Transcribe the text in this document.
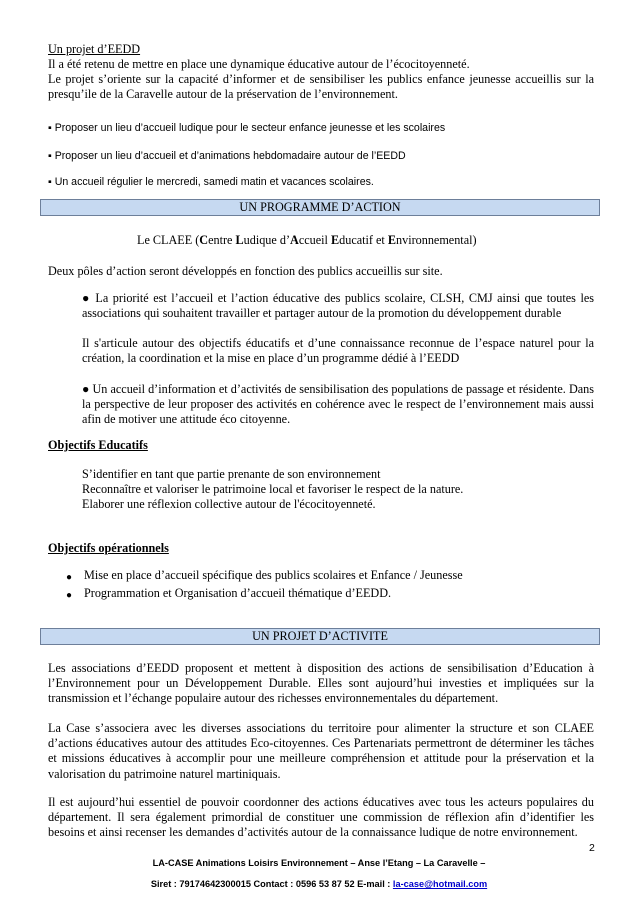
Un projet d’EEDD
Il a été retenu de mettre en place une dynamique éducative autour de l’écocitoyenneté.
Le projet s’oriente sur la capacité d’informer et de sensibiliser les publics enfance jeunesse accueillis sur la presqu’ile de la Caravelle autour de la préservation de l’environnement.
▪ Proposer un lieu d’accueil ludique pour le secteur enfance jeunesse et les scolaires
▪ Proposer un lieu d’accueil et d’animations hebdomadaire autour de l’EEDD
▪ Un accueil régulier le mercredi, samedi matin et vacances scolaires.
UN PROGRAMME D’ACTION
Le CLAEE (Centre Ludique d’Accueil Educatif et Environnemental)
Deux pôles d’action seront développés en fonction des publics accueillis sur site.
● La priorité est l’accueil et l’action éducative des publics scolaire, CLSH, CMJ ainsi que toutes les associations qui souhaitent travailler et partager autour de la promotion du développement durable
Il s'articule autour des objectifs éducatifs et d’une connaissance reconnue de l’espace naturel pour la création, la coordination et la mise en place d’un programme dédié à l’EEDD
● Un accueil d’information et d’activités de sensibilisation des populations de passage et résidente. Dans la perspective de leur proposer des activités en cohérence avec le respect de l’environnement mais aussi afin de motiver une attitude éco citoyenne.
Objectifs Educatifs
S’identifier en tant que partie prenante de son environnement
Reconnaître et valoriser le patrimoine local et favoriser le respect de la nature.
Elaborer une réflexion collective autour de l'écocitoyenneté.
Objectifs opérationnels
● Mise en place d’accueil spécifique des publics scolaires et Enfance / Jeunesse
● Programmation et Organisation d’accueil thématique d’EEDD.
UN PROJET D’ACTIVITE
Les associations d’EEDD proposent et mettent à disposition des actions de sensibilisation d’Education à l’Environnement pour un Développement Durable. Elles sont aujourd’hui investies et impliquées sur la transmission et l’échange populaire autour des richesses environnementales du département.
La Case s’associera avec les diverses associations du territoire pour alimenter la structure et son CLAEE d’actions éducatives autour des attitudes Eco-citoyennes. Ces Partenariats permettront de déterminer les tâches et missions éducatives à accomplir pour une meilleure compréhension et attitude pour la préservation et la valorisation du patrimoine naturel martiniquais.
Il est aujourd’hui essentiel de pouvoir coordonner des actions éducatives avec tous les acteurs populaires du département. Il sera également primordial de constituer une commission de réflexion afin d’identifier les besoins et ainsi recenser les demandes d’activités autour de la connaissance ludique de notre environnement.
2
LA-CASE Animations Loisirs Environnement – Anse l’Etang – La Caravelle –
Siret : 79174642300015 Contact : 0596 53 87 52 E-mail : la-case@hotmail.com
